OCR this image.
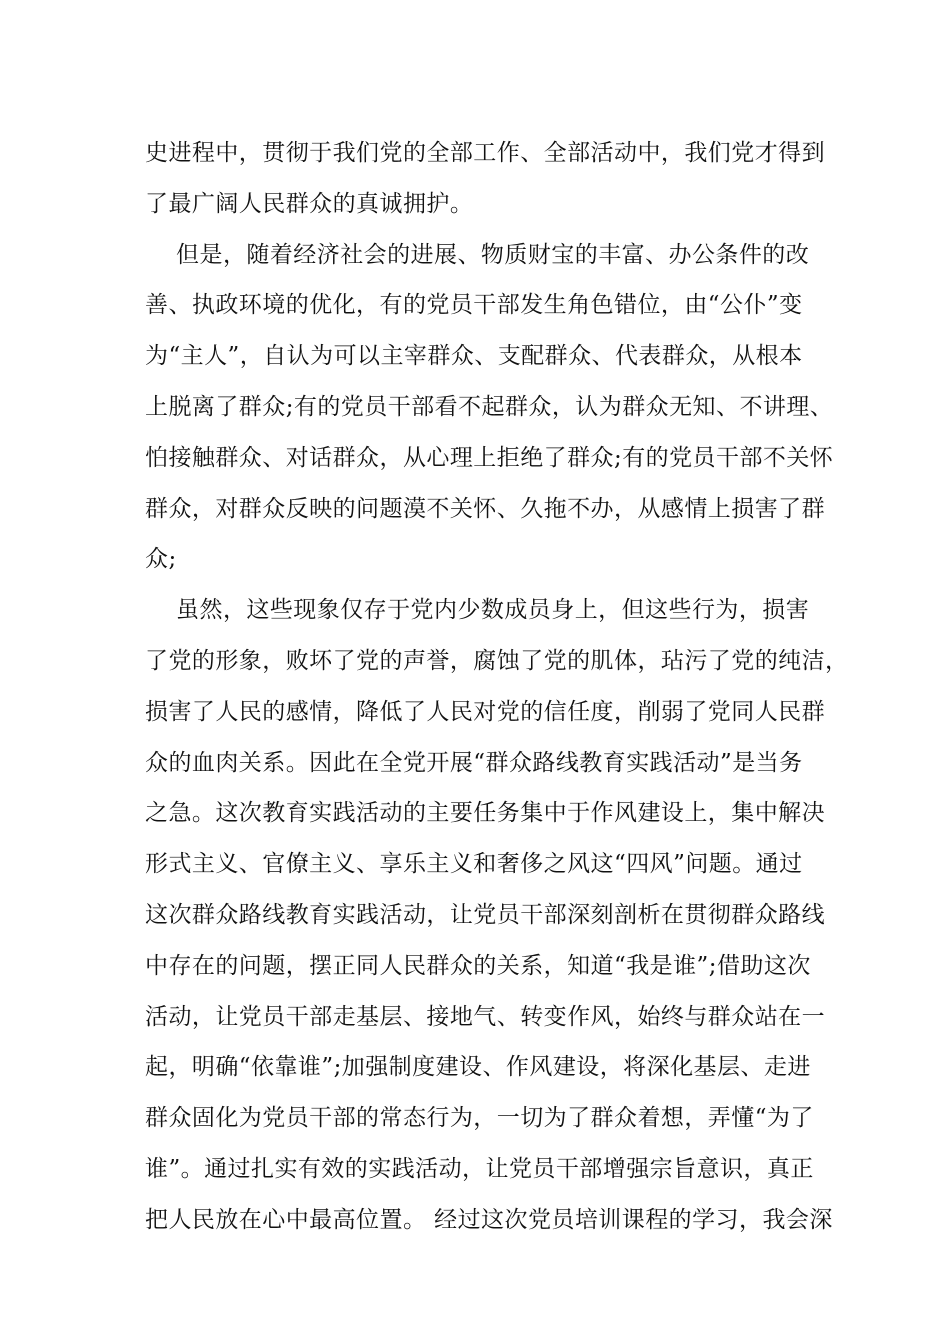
史进程中，贯彻于我们党的全部工作、全部活动中，我们党才得到
了最广阔人民群众的真诚拥护。
但是，随着经济社会的进展、物质财宝的丰富、办公条件的改
善、执政环境的优化，有的党员干部发生角色错位，由“公仆”变
为“主人”，自认为可以主宰群众、支配群众、代表群众，从根本
上脱离了群众;有的党员干部看不起群众，认为群众无知、不讲理、
怕接触群众、对话群众，从心理上拒绝了群众;有的党员干部不关怀
群众，对群众反映的问题漠不关怀、久拖不办，从感情上损害了群
众;
虽然，这些现象仅存于党内少数成员身上，但这些行为，损害
了党的形象，败坏了党的声誉，腐蚀了党的肌体，玷污了党的纯洁，
损害了人民的感情，降低了人民对党的信任度，削弱了党同人民群
众的血肉关系。因此在全党开展“群众路线教育实践活动”是当务
之急。这次教育实践活动的主要任务集中于作风建设上，集中解决
形式主义、官僚主义、享乐主义和奢侈之风这“四风”问题。通过
这次群众路线教育实践活动，让党员干部深刻剖析在贯彻群众路线
中存在的问题，摆正同人民群众的关系，知道“我是谁”;借助这次
活动，让党员干部走基层、接地气、转变作风，始终与群众站在一
起，明确“依靠谁”;加强制度建设、作风建设，将深化基层、走进
群众固化为党员干部的常态行为，一切为了群众着想，弄懂“为了
谁”。通过扎实有效的实践活动，让党员干部增强宗旨意识，真正
把人民放在心中最高位置。 经过这次党员培训课程的学习，我会深
